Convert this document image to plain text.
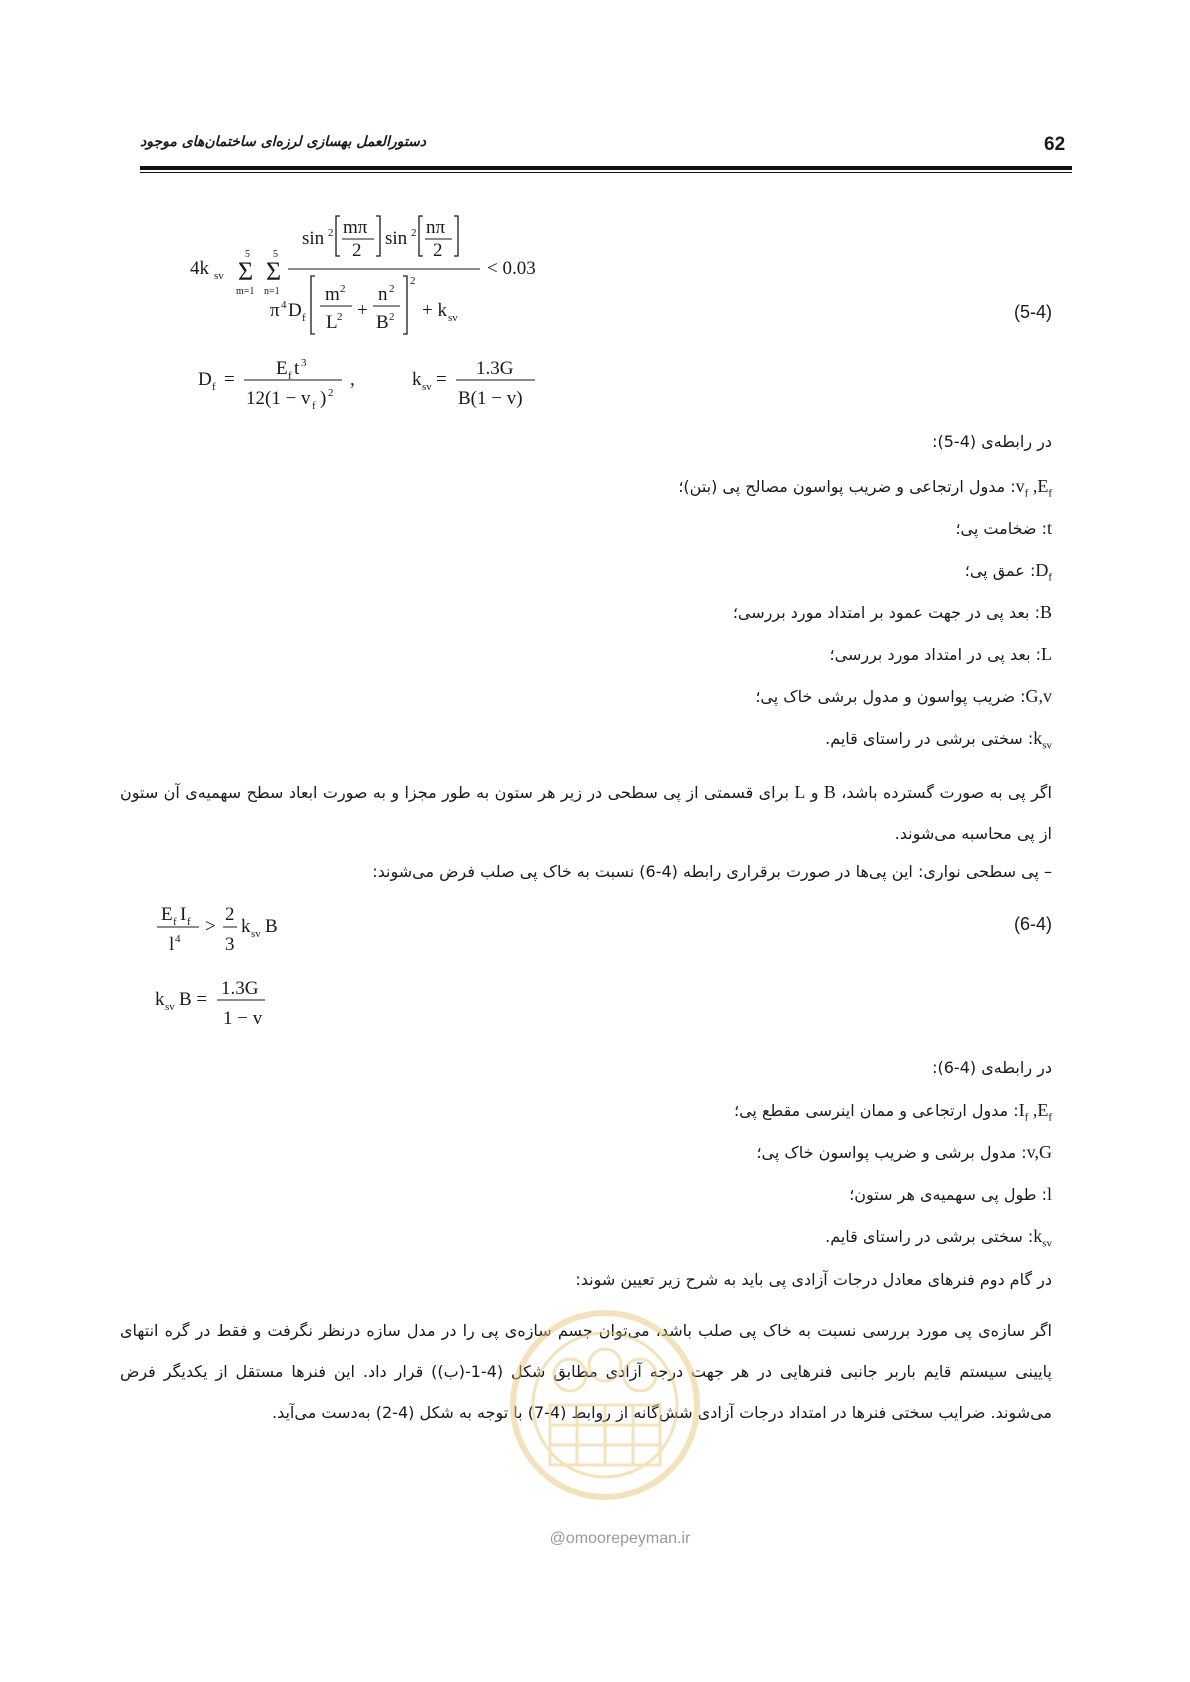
62
دستورالعمل بهسازی لرزه‌ای ساختمان‌های موجود
4k sv
5
Σ
m=1
5
Σ
n=1
sin 2 mπ
2
sin 2 nπ
2
< 0.03
π 4 D f
m 2
L 2 +
n 2
B 2
2
+ k sv	(5-4)
D f =
E f t 3
12(1 − v f ) 2
,	k sv =
1.3G
B(1 − v)
در رابطه‌ی (4-5):
$v_f$ $,E_f$: مدول ارتجاعی و ضریب پواسون مصالح پی (بتن)؛
t: ضخامت پی؛
$D_f$: عمق پی؛
B: بعد پی در جهت عمود بر امتداد مورد بررسی؛
L: بعد پی در امتداد مورد بررسی؛
G,v: ضریب پواسون و مدول برشی خاک پی؛
$k_{sv}$: سختی برشی در راستای قایم.
اگر پی به صورت گسترده باشد، B و L برای قسمتی از پی سطحی در زیر هر ستون به طور مجزا و به صورت ابعاد سطح سهمیه‌ی آن ستون از پی محاسبه می‌شوند.
– پی سطحی نواری: این پی‌ها در صورت برقراری رابطه (4-6) نسبت به خاک پی صلب فرض می‌شوند:
E f I f
l 4
>
2
3
k sv B	(6-4)
k sv B =
1.3G
1 − v
در رابطه‌ی (4-6):
$I_f$ $,E_f$: مدول ارتجاعی و ممان اینرسی مقطع پی؛
v,G: مدول برشی و ضریب پواسون خاک پی؛
l: طول پی سهمیه‌ی هر ستون؛
$k_{sv}$: سختی برشی در راستای قایم.
در گام دوم فنرهای معادل درجات آزادی پی باید به شرح زیر تعیین شوند:
اگر سازه‌ی پی مورد بررسی نسبت به خاک پی صلب باشد، می‌توان جسم سازه‌ی پی را در مدل سازه درنظر نگرفت و فقط در گره انتهای پایینی سیستم قایم باربر جانبی فنرهایی در هر جهت درجه آزادی مطابق شکل (4-1-(ب)) قرار داد. این فنرها مستقل از یکدیگر فرض می‌شوند. ضرایب سختی فنرها در امتداد درجات آزادی شش‌گانه از روابط (4-7) با توجه به شکل (4-2) به‌دست می‌آید.
@omoorepeyman.ir
